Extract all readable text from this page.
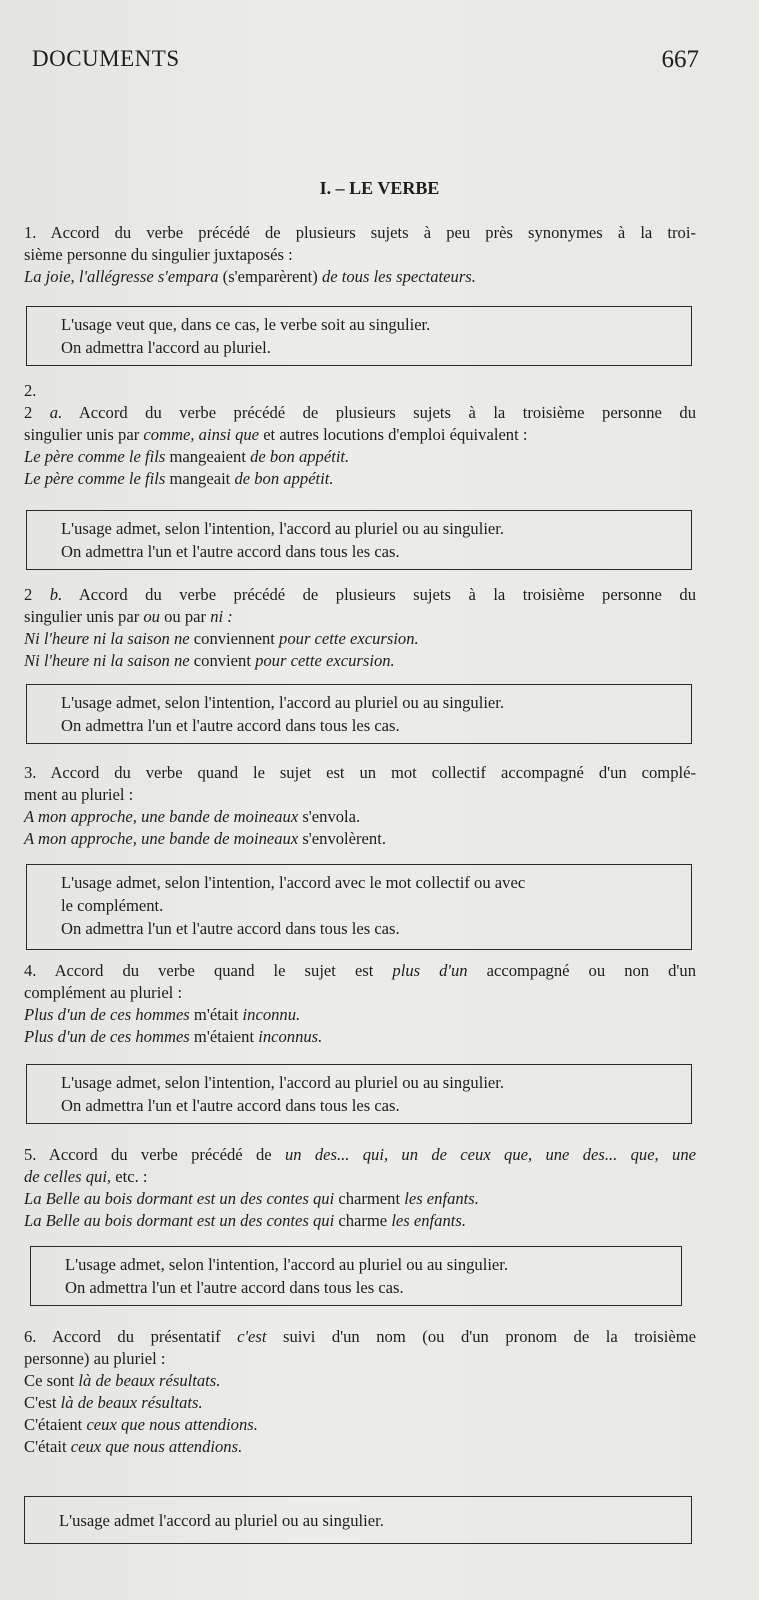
DOCUMENTS	667
I. – LE VERBE
1. Accord du verbe précédé de plusieurs sujets à peu près synonymes à la troi-
sième personne du singulier juxtaposés :
La joie, l'allégresse s'empara (s'emparèrent) de tous les spectateurs.
L'usage veut que, dans ce cas, le verbe soit au singulier.
On admettra l'accord au pluriel.
2.
2 a. Accord du verbe précédé de plusieurs sujets à la troisième personne du
singulier unis par comme, ainsi que et autres locutions d'emploi équivalent :
Le père comme le fils mangeaient de bon appétit.
Le père comme le fils mangeait de bon appétit.
L'usage admet, selon l'intention, l'accord au pluriel ou au singulier.
On admettra l'un et l'autre accord dans tous les cas.
2 b. Accord du verbe précédé de plusieurs sujets à la troisième personne du
singulier unis par ou ou par ni :
Ni l'heure ni la saison ne conviennent pour cette excursion.
Ni l'heure ni la saison ne convient pour cette excursion.
L'usage admet, selon l'intention, l'accord au pluriel ou au singulier.
On admettra l'un et l'autre accord dans tous les cas.
3. Accord du verbe quand le sujet est un mot collectif accompagné d'un complé-
ment au pluriel :
A mon approche, une bande de moineaux s'envola.
A mon approche, une bande de moineaux s'envolèrent.
L'usage admet, selon l'intention, l'accord avec le mot collectif ou avec
le complément.
On admettra l'un et l'autre accord dans tous les cas.
4. Accord du verbe quand le sujet est plus d'un accompagné ou non d'un
complément au pluriel :
Plus d'un de ces hommes m'était inconnu.
Plus d'un de ces hommes m'étaient inconnus.
L'usage admet, selon l'intention, l'accord au pluriel ou au singulier.
On admettra l'un et l'autre accord dans tous les cas.
5. Accord du verbe précédé de un des... qui, un de ceux que, une des... que, une
de celles qui, etc. :
La Belle au bois dormant est un des contes qui charment les enfants.
La Belle au bois dormant est un des contes qui charme les enfants.
L'usage admet, selon l'intention, l'accord au pluriel ou au singulier.
On admettra l'un et l'autre accord dans tous les cas.
6. Accord du présentatif c'est suivi d'un nom (ou d'un pronom de la troisième
personne) au pluriel :
Ce sont là de beaux résultats.
C'est là de beaux résultats.
C'étaient ceux que nous attendions.
C'était ceux que nous attendions.
L'usage admet l'accord au pluriel ou au singulier.
